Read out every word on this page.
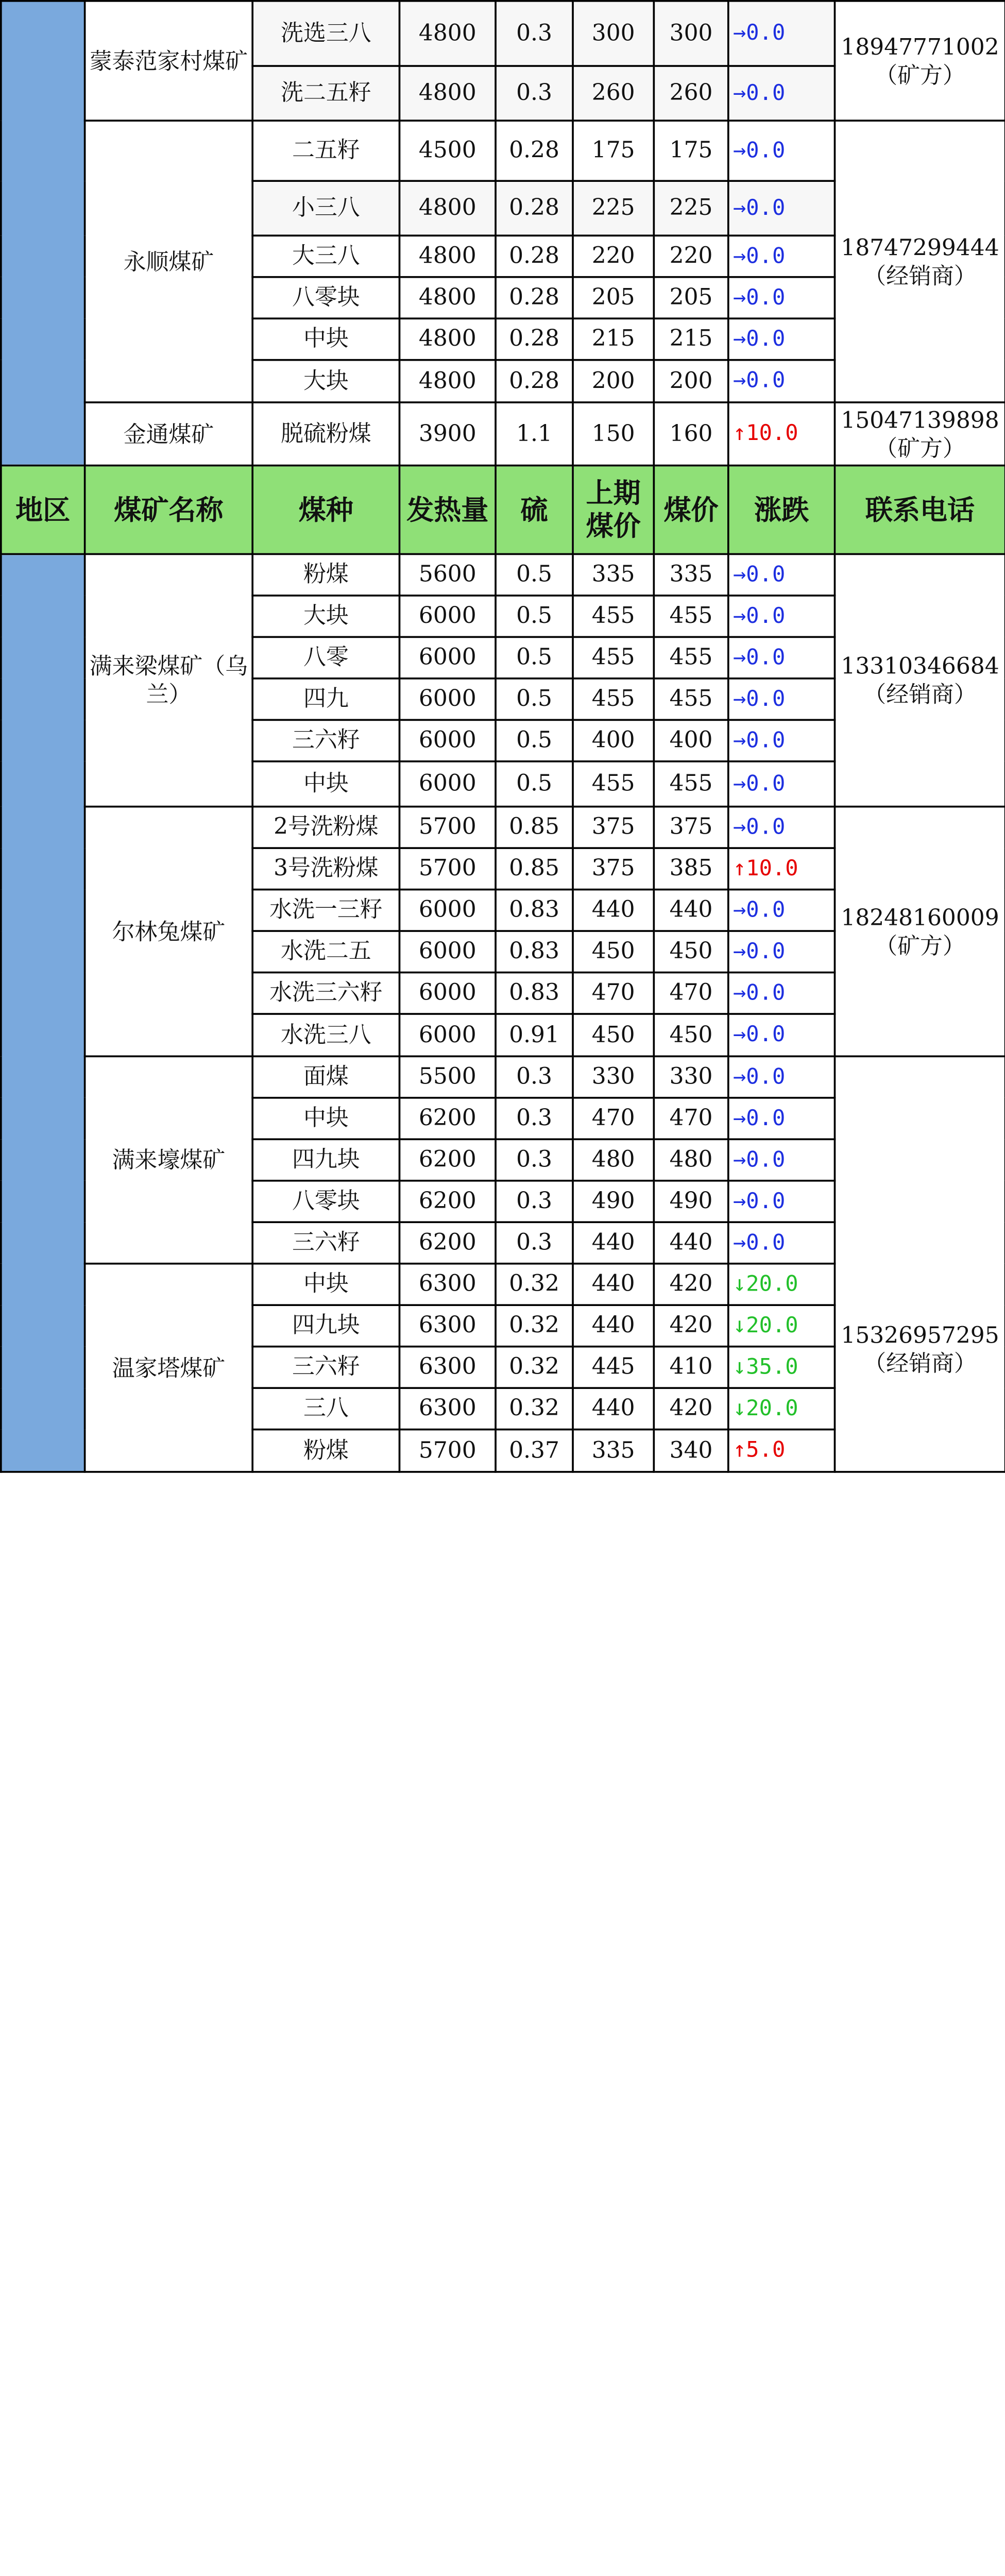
	蒙泰范家村煤矿	洗选三八	4800	0.3	300	300	→0.0	18947771002（矿方）
		洗二五籽	4800	0.3	260	260	→0.0	
	永顺煤矿	二五籽	4500	0.28	175	175	→0.0	18747299444（经销商）
		小三八	4800	0.28	225	225	→0.0	
		大三八	4800	0.28	220	220	→0.0	
		八零块	4800	0.28	205	205	→0.0	
		中块	4800	0.28	215	215	→0.0	
		大块	4800	0.28	200	200	→0.0	
	金通煤矿	脱硫粉煤	3900	1.1	150	160	↑10.0	15047139898（矿方）
地区	煤矿名称	煤种	发热量	硫	上期煤价	煤价	涨跌	联系电话
	满来梁煤矿（乌兰）	粉煤	5600	0.5	335	335	→0.0	13310346684（经销商）
		大块	6000	0.5	455	455	→0.0	
		八零	6000	0.5	455	455	→0.0	
		四九	6000	0.5	455	455	→0.0	
		三六籽	6000	0.5	400	400	→0.0	
		中块	6000	0.5	455	455	→0.0	
	尔林兔煤矿	2号洗粉煤	5700	0.85	375	375	→0.0	18248160009（矿方）
		3号洗粉煤	5700	0.85	375	385	↑10.0	
		水洗一三籽	6000	0.83	440	440	→0.0	
		水洗二五	6000	0.83	450	450	→0.0	
		水洗三六籽	6000	0.83	470	470	→0.0	
		水洗三八	6000	0.91	450	450	→0.0	
	满来壕煤矿	面煤	5500	0.3	330	330	→0.0	15326957295（经销商）
		中块	6200	0.3	470	470	→0.0	
		四九块	6200	0.3	480	480	→0.0	
		八零块	6200	0.3	490	490	→0.0	
		三六籽	6200	0.3	440	440	→0.0	
	温家塔煤矿	中块	6300	0.32	440	420	↓20.0	
		四九块	6300	0.32	440	420	↓20.0	
		三六籽	6300	0.32	445	410	↓35.0	
		三八	6300	0.32	440	420	↓20.0	
		粉煤	5700	0.37	335	340	↑5.0	
